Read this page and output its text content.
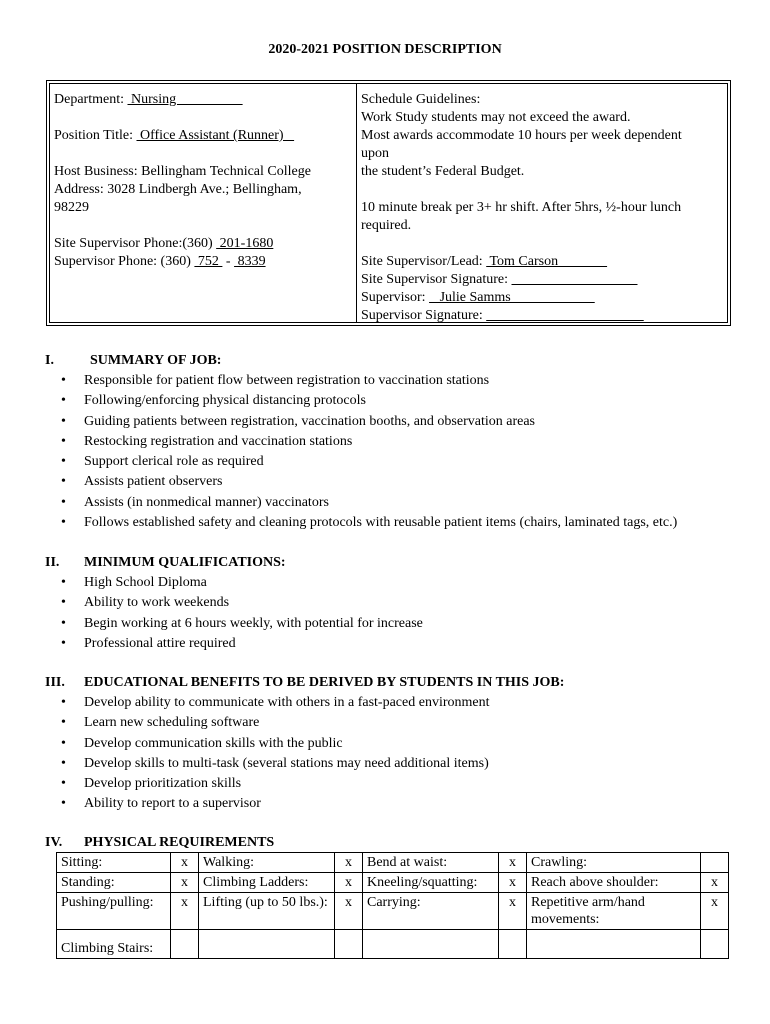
2020-2021 POSITION DESCRIPTION
Department:  Nursing
Position Title:  Office Assistant (Runner)
Host Business: Bellingham Technical College
Address: 3028 Lindbergh Ave.; Bellingham,
98229
Site Supervisor Phone:(360)  201-1680
Supervisor Phone: (360)  752  -  8339
Schedule Guidelines:
Work Study students may not exceed the award.
Most awards accommodate 10 hours per week dependent
upon
the student’s Federal Budget.
10 minute break per 3+ hr shift. After 5hrs, ½-hour lunch
required.
Site Supervisor/Lead:  Tom Carson
Site Supervisor Signature:
Supervisor:    Julie Samms
Supervisor Signature:
I.	SUMMARY OF JOB:
• Responsible for patient flow between registration to vaccination stations
• Following/enforcing physical distancing protocols
• Guiding patients between registration, vaccination booths, and observation areas
• Restocking registration and vaccination stations
• Support clerical role as required
• Assists patient observers
• Assists (in nonmedical manner) vaccinators
• Follows established safety and cleaning protocols with reusable patient items (chairs, laminated tags, etc.)
II. MINIMUM QUALIFICATIONS:
• High School Diploma
• Ability to work weekends
• Begin working at 6 hours weekly, with potential for increase
• Professional attire required
III. EDUCATIONAL BENEFITS TO BE DERIVED BY STUDENTS IN THIS JOB:
• Develop ability to communicate with others in a fast-paced environment
• Learn new scheduling software
• Develop communication skills with the public
• Develop skills to multi-task (several stations may need additional items)
• Develop prioritization skills
• Ability to report to a supervisor
IV. PHYSICAL REQUIREMENTS
Sitting:	x	Walking:	x	Bend at waist:	x	Crawling:	
Standing:	x	Climbing Ladders:	x	Kneeling/squatting:	x	Reach above shoulder:	x
Pushing/pulling:	x	Lifting (up to 50 lbs.):	x	Carrying:	x	Repetitive arm/hand movements:	x
Climbing Stairs:							
